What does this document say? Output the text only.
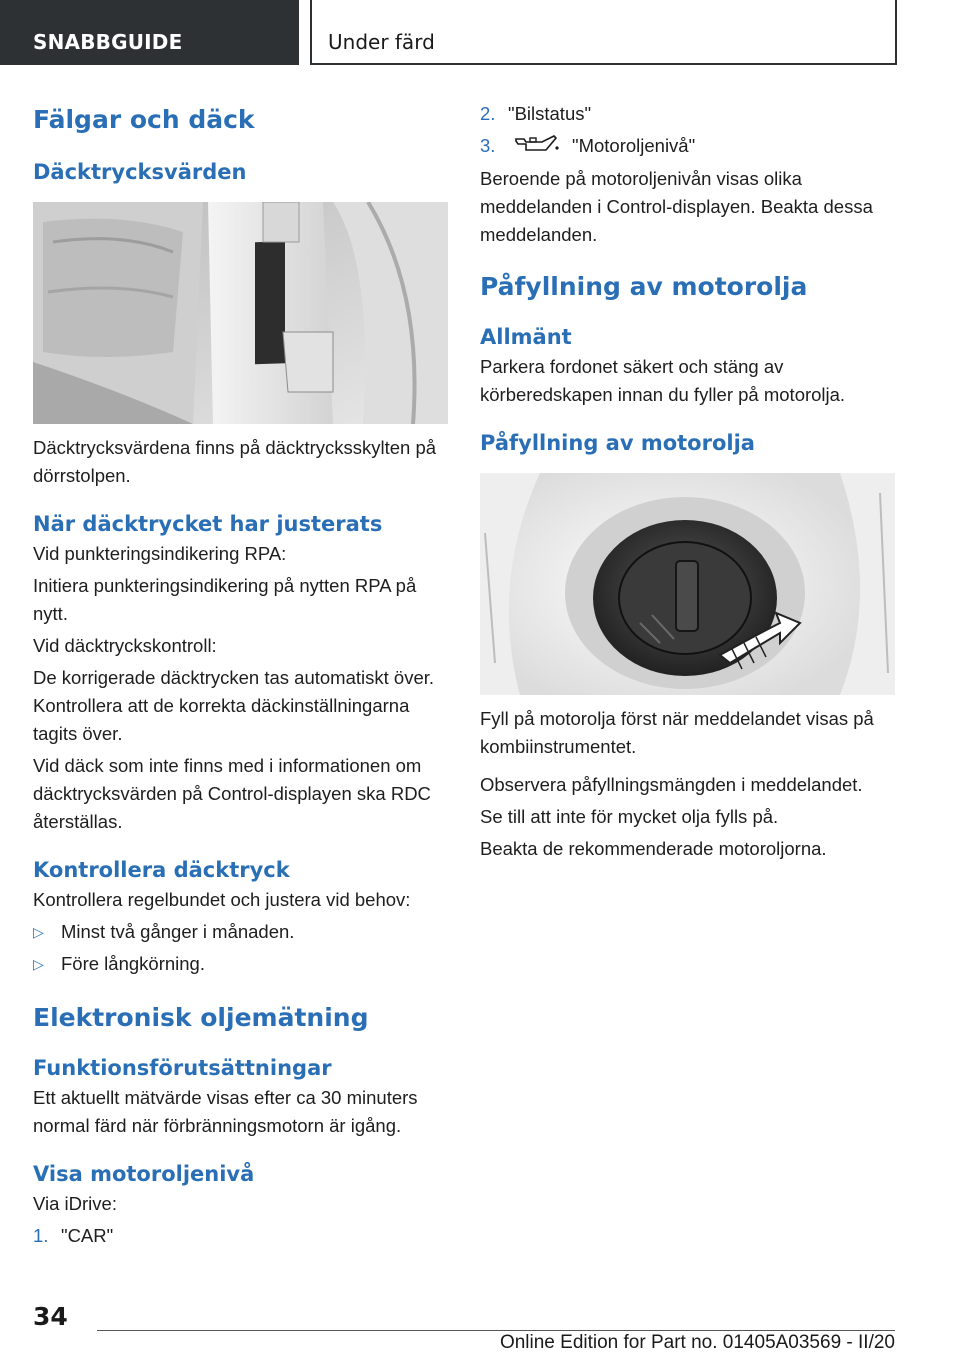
SNABBGUIDE	Under färd
Fälgar och däck
Däcktrycksvärden

Däcktrycksvärdena finns på däcktrycksskylten på dörrstolpen.

När däcktrycket har justerats

Vid punkteringsindikering RPA:

Initiera punkteringsindikering på nytten RPA på nytt.

Vid däcktryckskontroll:

De korrigerade däcktrycken tas automatiskt över. Kontrollera att de korrekta däckinställningarna tagits över.

Vid däck som inte finns med i informationen om däcktrycksvärden på Control-displayen ska RDC återställas.

Kontrollera däcktryck

Kontrollera regelbundet och justera vid behov:

▷ Minst två gånger i månaden.

▷ Före långkörning.

Elektronisk oljemätning
Funktionsförutsättningar

Ett aktuellt mätvärde visas efter ca 30 minuters normal färd när förbränningsmotorn är igång.

Visa motoroljenivå

Via iDrive:

1. "CAR"

2. "Bilstatus"

3.	"Motoroljenivå"

Beroende på motoroljenivån visas olika meddelanden i Control-displayen. Beakta dessa meddelanden.

Påfyllning av motorolja
Allmänt

Parkera fordonet säkert och stäng av körberedskapen innan du fyller på motorolja.

Påfyllning av motorolja

Fyll på motorolja först när meddelandet visas på kombiinstrumentet.

Observera påfyllningsmängden i meddelandet.

Se till att inte för mycket olja fylls på.

Beakta de rekommenderade motoroljorna.

34
Online Edition for Part no. 01405A03569 - II/20
